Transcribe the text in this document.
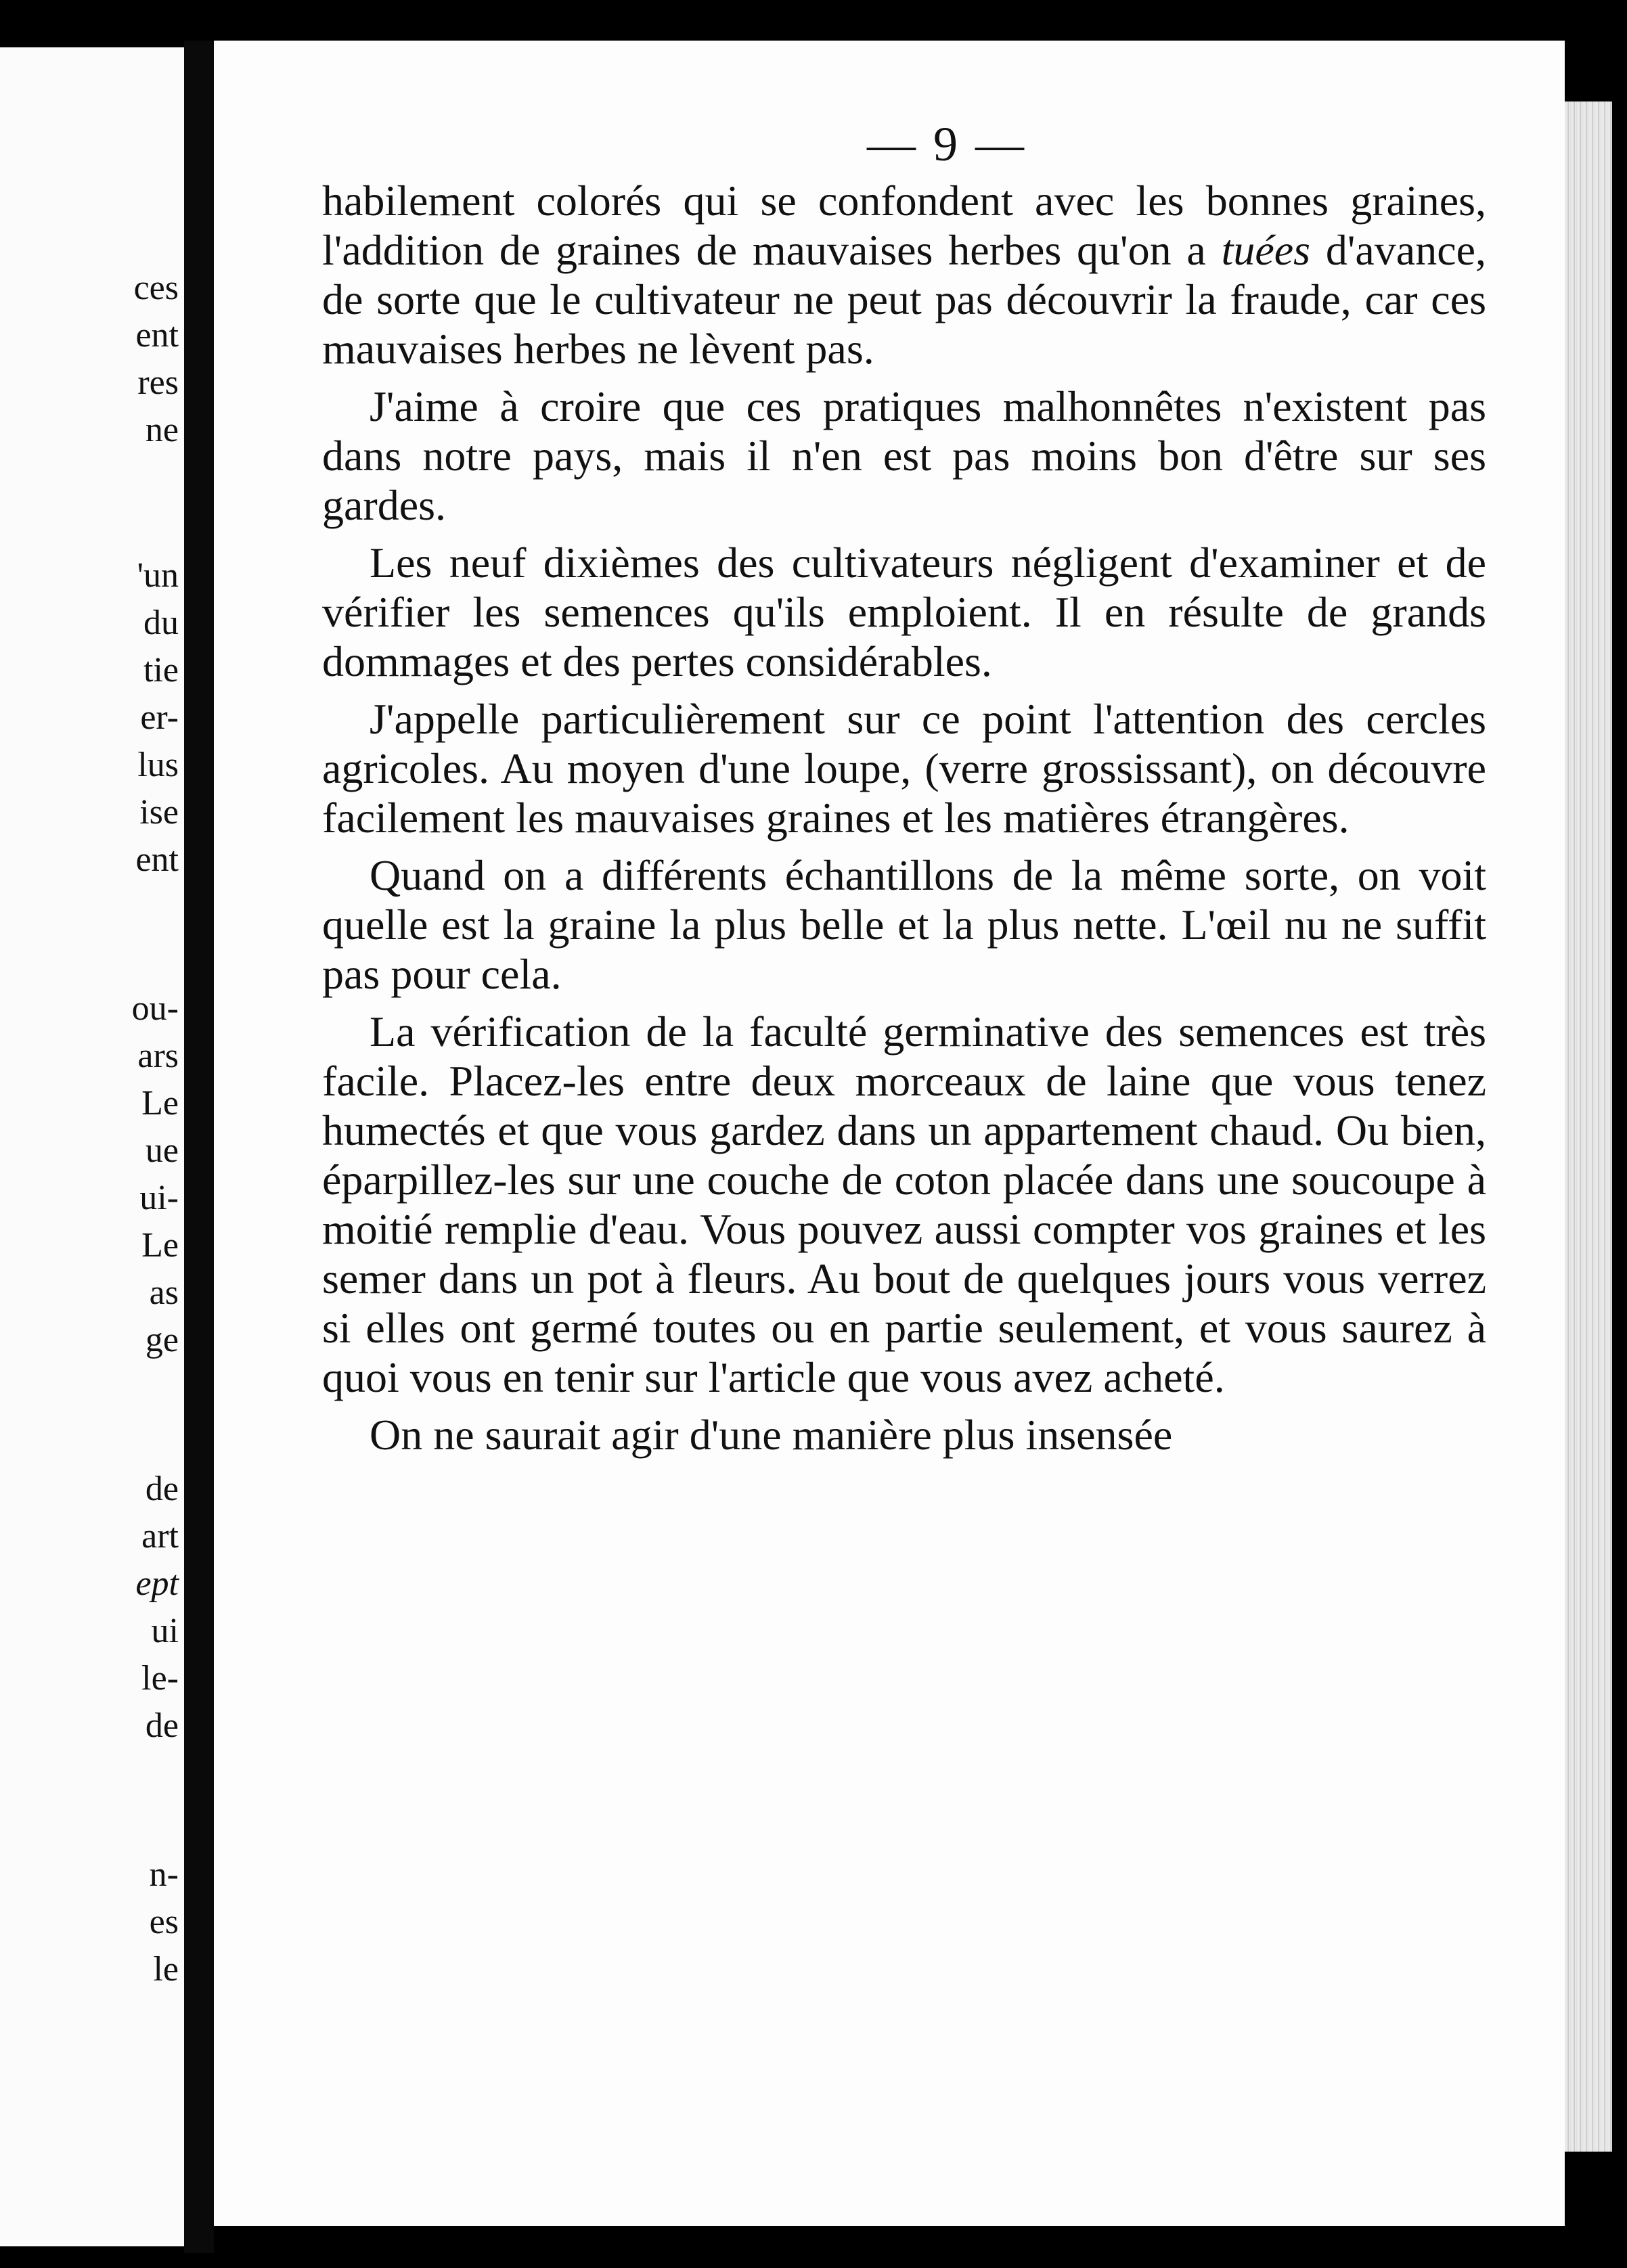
ces
ent
res
ne
'un
du
tie
er-
lus
ise
ent
ou-
ars
Le
ue
ui-
Le
as
ge
de
art
ept
ui
le-
de
n-
es
le
— 9 —

habilement colorés qui se confondent avec les bonnes graines, l'addition de graines de mauvaises herbes qu'on a tuées d'avance, de sorte que le cultivateur ne peut pas découvrir la fraude, car ces mauvaises herbes ne lèvent pas.

J'aime à croire que ces pratiques malhonnêtes n'existent pas dans notre pays, mais il n'en est pas moins bon d'être sur ses gardes.

Les neuf dixièmes des cultivateurs négligent d'examiner et de vérifier les semences qu'ils emploient. Il en résulte de grands dommages et des pertes considérables.

J'appelle particulièrement sur ce point l'attention des cercles agricoles. Au moyen d'une loupe, (verre grossissant), on découvre facilement les mauvaises graines et les matières étrangères.

Quand on a différents échantillons de la même sorte, on voit quelle est la graine la plus belle et la plus nette. L'œil nu ne suffit pas pour cela.

La vérification de la faculté germinative des semences est très facile. Placez-les entre deux morceaux de laine que vous tenez humectés et que vous gardez dans un appartement chaud. Ou bien, éparpillez-les sur une couche de coton placée dans une soucoupe à moitié remplie d'eau. Vous pouvez aussi compter vos graines et les semer dans un pot à fleurs. Au bout de quelques jours vous verrez si elles ont germé toutes ou en partie seulement, et vous saurez à quoi vous en tenir sur l'article que vous avez acheté.

On ne saurait agir d'une manière plus insensée
